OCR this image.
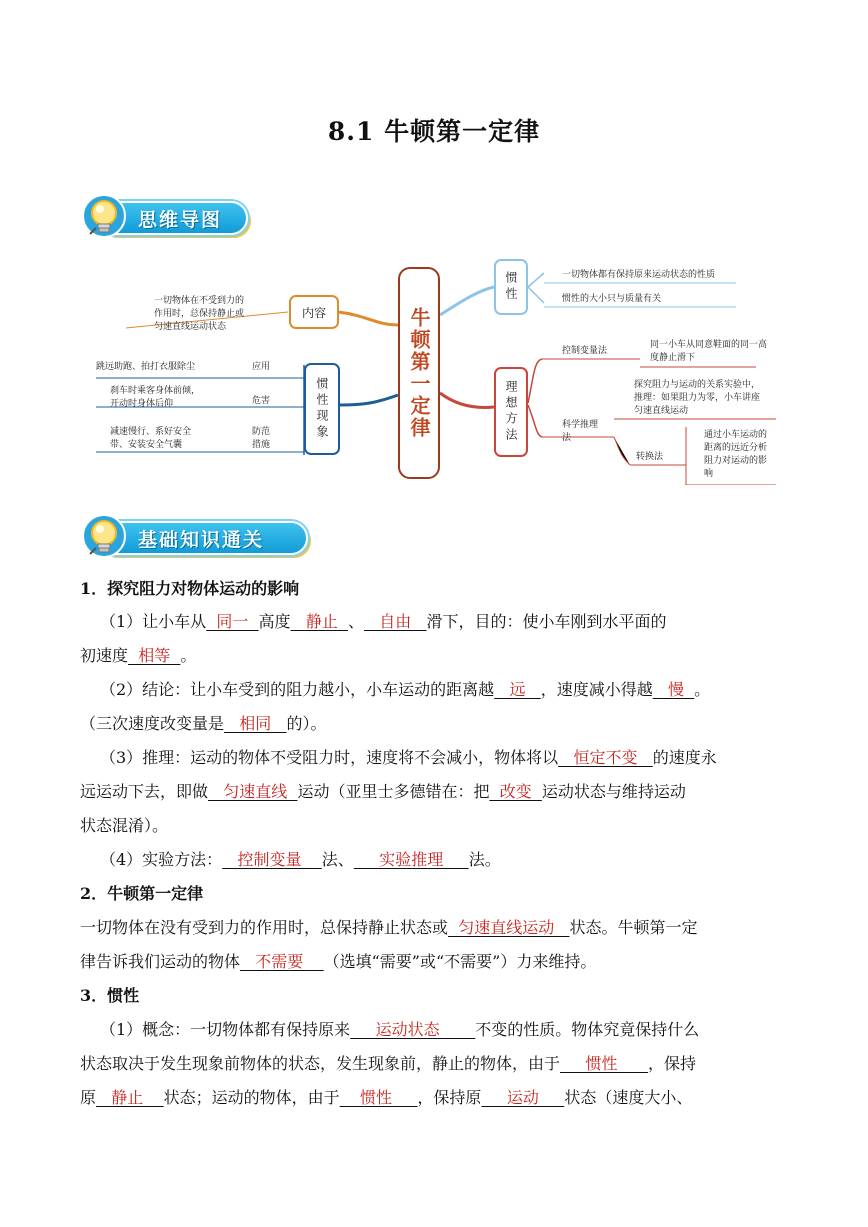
8.1 牛顿第一定律
思维导图
牛顿第一定律
内容
一切物体在不受到力的
作用时，总保持静止或
匀速直线运动状态
惯性现象
跳远助跑、拍打衣服除尘	应用
刹车时乘客身体前倾，
开动时身体后仰	危害
减速慢行、系好安全
带、安装安全气囊
防范措施
惯性	一切物体都有保持原来运动状态的性质
惯性的大小只与质量有关
理想方法
控制变量法
同一小车从同意鞋面的同一高
度静止滑下
科学推理法
探究阻力与运动的关系实验中，
推理：如果阻力为零，小车讲座
匀速直线运动
转换法
通过小车运动的
距离的远近分析
阻力对运动的影
响
基础知识通关
1．探究阻力对物体运动的影响
（1）让小车从  同一  高度   静止  、   自由   滑下，目的：使小车刚到水平面的
初速度  相等  。
（2）结论：让小车受到的阻力越小，小车运动的距离越   远   ，速度减小得越   慢  。
（三次速度改变量是   相同   的）。
（3）推理：运动的物体不受阻力时，速度将不会减小，物体将以   恒定不变   的速度永
远运动下去，即做   匀速直线  运动（亚里士多德错在：把  改变  运动状态与维持运动
状态混淆）。
（4）实验方法：   控制变量    法、     实验推理     法。
2．牛顿第一定律
一切物体在没有受到力的作用时，总保持静止状态或  匀速直线运动   状态。牛顿第一定
律告诉我们运动的物体   不需要    （选填“需要”或“不需要”）力来维持。
3．惯性
（1）概念：一切物体都有保持原来     运动状态       不变的性质。物体究竟保持什么
状态取决于发生现象前物体的状态，发生现象前，静止的物体，由于     惯性      ，保持
原   静止    状态；运动的物体，由于    惯性     ，保持原     运动     状态（速度大小、
